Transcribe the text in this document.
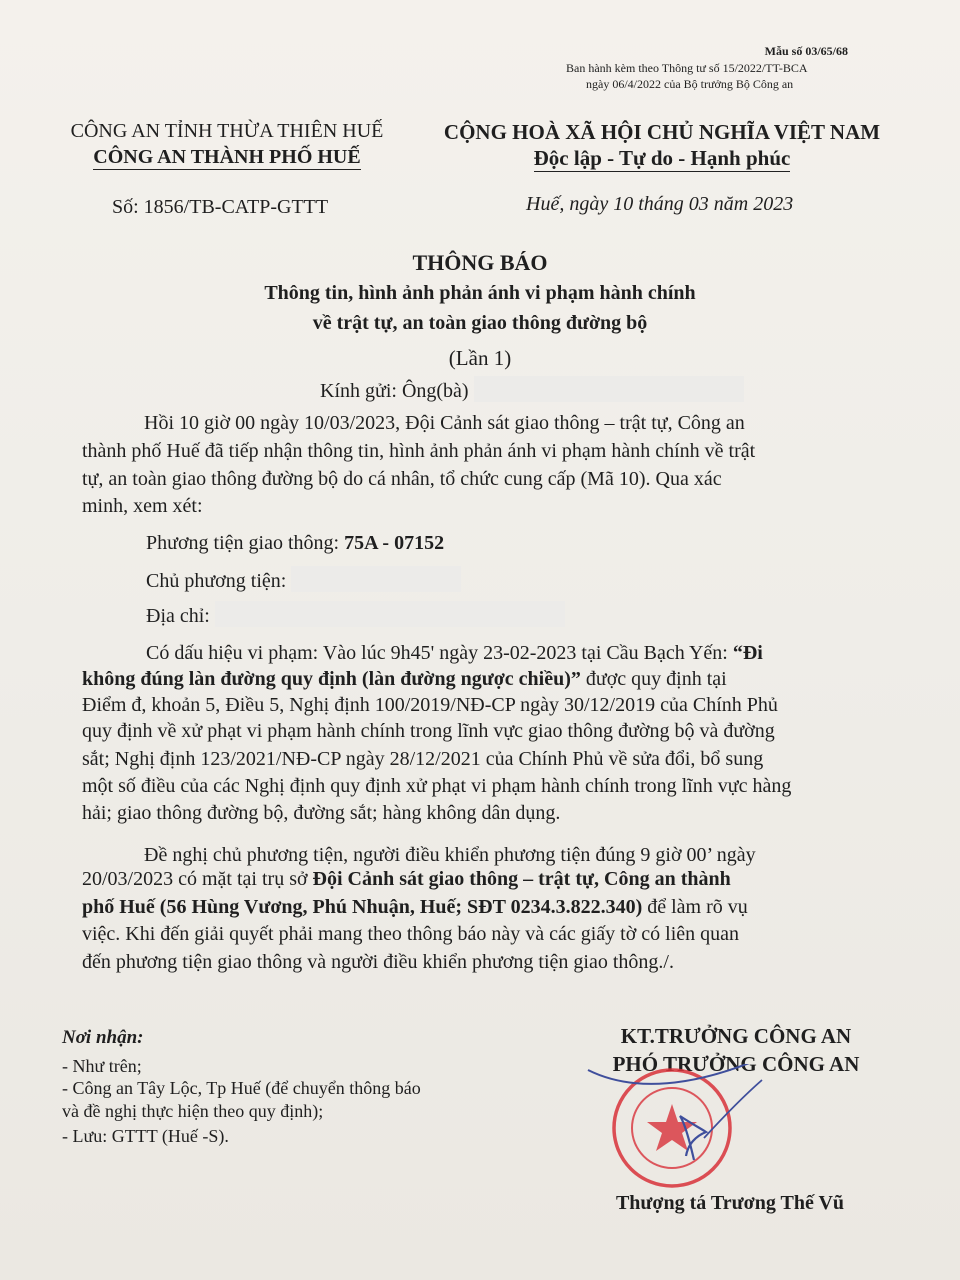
Mẫu số 03/65/68
Ban hành kèm theo Thông tư số 15/2022/TT-BCA
ngày 06/4/2022 của Bộ trưởng Bộ Công an
CÔNG AN TỈNH THỪA THIÊN HUẾ
CÔNG AN THÀNH PHỐ HUẾ
CỘNG HOÀ XÃ HỘI CHỦ NGHĨA VIỆT NAM
Độc lập - Tự do - Hạnh phúc
Số: 1856/TB-CATP-GTTT	Huế, ngày 10 tháng 03 năm 2023
THÔNG BÁO
Thông tin, hình ảnh phản ánh vi phạm hành chính
về trật tự, an toàn giao thông đường bộ
(Lần 1)
Kính gửi: Ông(bà)
Hồi 10 giờ 00 ngày 10/03/2023, Đội Cảnh sát giao thông – trật tự, Công an
thành phố Huế đã tiếp nhận thông tin, hình ảnh phản ánh vi phạm hành chính về trật
tự, an toàn giao thông đường bộ do cá nhân, tổ chức cung cấp (Mã 10). Qua xác
minh, xem xét:
Phương tiện giao thông: 75A - 07152
Chủ phương tiện:
Địa chỉ:
Có dấu hiệu vi phạm: Vào lúc 9h45' ngày 23-02-2023 tại Cầu Bạch Yến: “Đi
không đúng làn đường quy định (làn đường ngược chiều)” được quy định tại
Điểm đ, khoản 5, Điều 5, Nghị định 100/2019/NĐ-CP ngày 30/12/2019 của Chính Phủ
quy định về xử phạt vi phạm hành chính trong lĩnh vực giao thông đường bộ và đường
sắt; Nghị định 123/2021/NĐ-CP ngày 28/12/2021 của Chính Phủ về sửa đổi, bổ sung
một số điều của các Nghị định quy định xử phạt vi phạm hành chính trong lĩnh vực hàng
hải; giao thông đường bộ, đường sắt; hàng không dân dụng.
Đề nghị chủ phương tiện, người điều khiển phương tiện đúng 9 giờ 00’ ngày
20/03/2023 có mặt tại trụ sở Đội Cảnh sát giao thông – trật tự, Công an thành
phố Huế (56 Hùng Vương, Phú Nhuận, Huế; SĐT 0234.3.822.340) để làm rõ vụ
việc. Khi đến giải quyết phải mang theo thông báo này và các giấy tờ có liên quan
đến phương tiện giao thông và người điều khiển phương tiện giao thông./.
Nơi nhận:
- Như trên;
- Công an Tây Lộc, Tp Huế (để chuyển thông báo
và đề nghị thực hiện theo quy định);
- Lưu: GTTT (Huế -S).
KT.TRƯỞNG CÔNG AN
PHÓ TRƯỞNG CÔNG AN
Thượng tá Trương Thế Vũ
